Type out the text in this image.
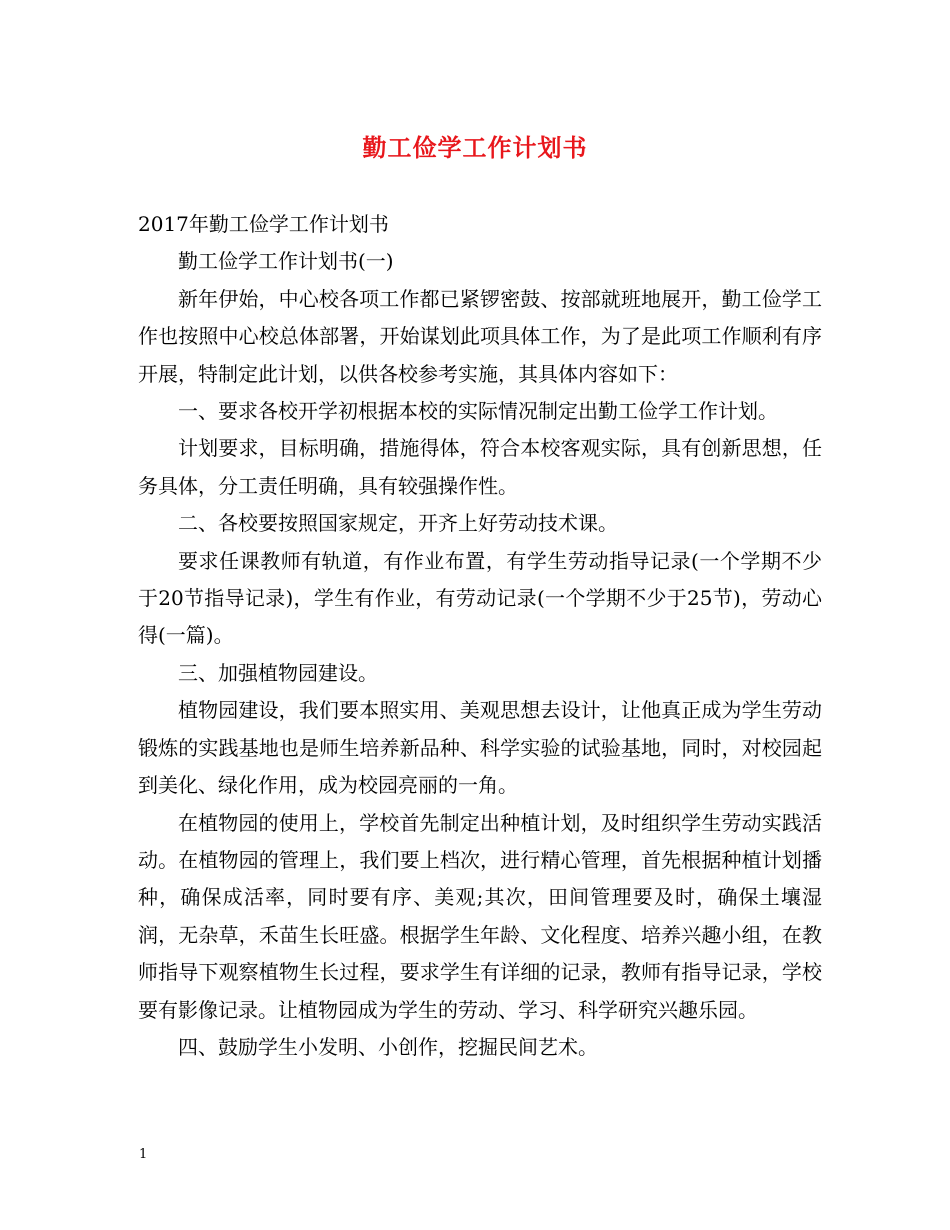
勤工俭学工作计划书

2017年勤工俭学工作计划书

勤工俭学工作计划书(一)

新年伊始，中心校各项工作都已紧锣密鼓、按部就班地展开，勤工俭学工作也按照中心校总体部署，开始谋划此项具体工作，为了是此项工作顺利有序开展，特制定此计划，以供各校参考实施，其具体内容如下：

一、要求各校开学初根据本校的实际情况制定出勤工俭学工作计划。

计划要求，目标明确，措施得体，符合本校客观实际，具有创新思想，任务具体，分工责任明确，具有较强操作性。

二、各校要按照国家规定，开齐上好劳动技术课。

要求任课教师有轨道，有作业布置，有学生劳动指导记录(一个学期不少于20节指导记录)，学生有作业，有劳动记录(一个学期不少于25节)，劳动心得(一篇)。

三、加强植物园建设。

植物园建设，我们要本照实用、美观思想去设计，让他真正成为学生劳动锻炼的实践基地也是师生培养新品种、科学实验的试验基地，同时，对校园起到美化、绿化作用，成为校园亮丽的一角。

在植物园的使用上，学校首先制定出种植计划，及时组织学生劳动实践活动。在植物园的管理上，我们要上档次，进行精心管理，首先根据种植计划播种，确保成活率，同时要有序、美观;其次，田间管理要及时，确保土壤湿润，无杂草，禾苗生长旺盛。根据学生年龄、文化程度、培养兴趣小组，在教师指导下观察植物生长过程，要求学生有详细的记录，教师有指导记录，学校要有影像记录。让植物园成为学生的劳动、学习、科学研究兴趣乐园。

四、鼓励学生小发明、小创作，挖掘民间艺术。

1
